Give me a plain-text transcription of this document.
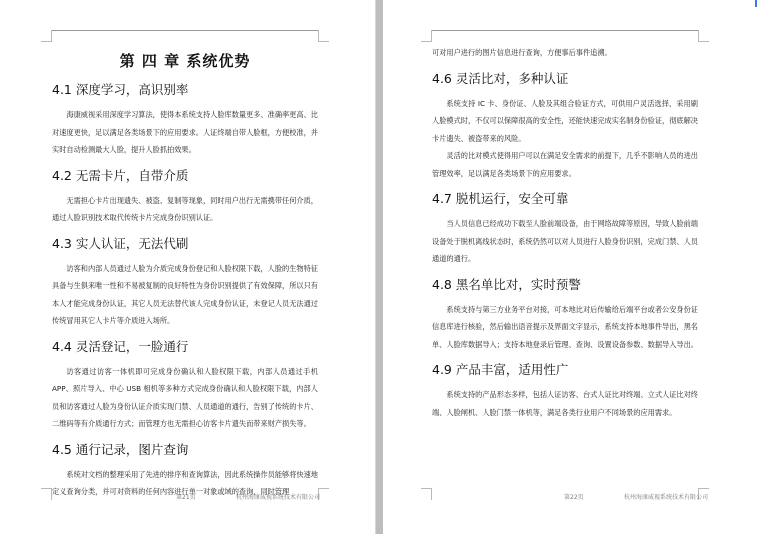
第 四 章 系统优势
4.1 深度学习，高识别率

海康威视采用深度学习算法，使得本系统支持人脸库数量更多、准确率更高、比对速度更快，足以满足各类场景下的应用要求。人证终端自带人脸框，方便校准，并实时自动检测最大人脸，提升人脸抓拍效果。

4.2 无需卡片，自带介质

无需担心卡片出现遗失、被盗、复制等现象，同时用户出行无需携带任何介质，通过人脸识别技术取代传统卡片完成身份识别认证。

4.3 实人认证，无法代刷

访客和内部人员通过人脸为介质完成身份登记和人脸权限下载，人脸的生物特征具备与生俱来唯一性和不易被复制的良好特性为身份识别提供了有效保障，所以只有本人才能完成身份认证，其它人员无法替代该人完成身份认证，未登记人员无法通过传统冒用其它人卡片等介质进入场所。

4.4 灵活登记，一脸通行

访客通过访客一体机即可完成身份确认和人脸权限下载，内部人员通过手机APP、照片导入、中心 USB 相机等多种方式完成身份确认和人脸权限下载，内部人员和访客通过人脸为身份认证介质实现门禁、人员通道的通行，告别了传统的卡片、二维码等有介质通行方式；而管理方也无需担心访客卡片遗失而带来财产损失等。

4.5 通行记录，图片查询

系统对文档的整理采用了先进的排序和查询算法，因此系统操作员能够将快速地定义查询分类，并可对资料的任何内容进行单一对象或域的查询，同时管理

第21页	杭州海康威视系统技术有限公司

可对用户进行的图片信息进行查询，方便事后事件追溯。

4.6 灵活比对，多种认证

系统支持 IC 卡、身份证、人脸及其组合验证方式，可供用户灵活选择，采用刷人脸模式时，不仅可以保障很高的安全性，还能快速完成实名制身份验证，彻底解决卡片遗失、被盗带来的风险。

灵活的比对模式使得用户可以在满足安全需求的前提下，几乎不影响人员的进出管理效率，足以满足各类场景下的应用要求。

4.7 脱机运行，安全可靠

当人员信息已经成功下载至人脸前端设备，由于网络故障等原因，导致人脸前端设备处于脱机离线状态时，系统仍然可以对人员进行人脸身份识别，完成门禁、人员通道的通行。

4.8 黑名单比对，实时预警

系统支持与第三方业务平台对接，可本地比对后传输给后端平台或者公安身份证信息库进行核验，然后输出语音提示及界面文字显示，系统支持本地事件导出，黑名单、人脸库数据导入；支持本地登录后管理、查询、设置设备参数、数据导入导出。

4.9 产品丰富，适用性广

系统支持的产品形态多样，包括人证访客、台式人证比对终端、立式人证比对终端、人脸闸机、人脸门禁一体机等，满足各类行业用户不同场景的应用需求。

第22页	杭州海康威视系统技术有限公司
